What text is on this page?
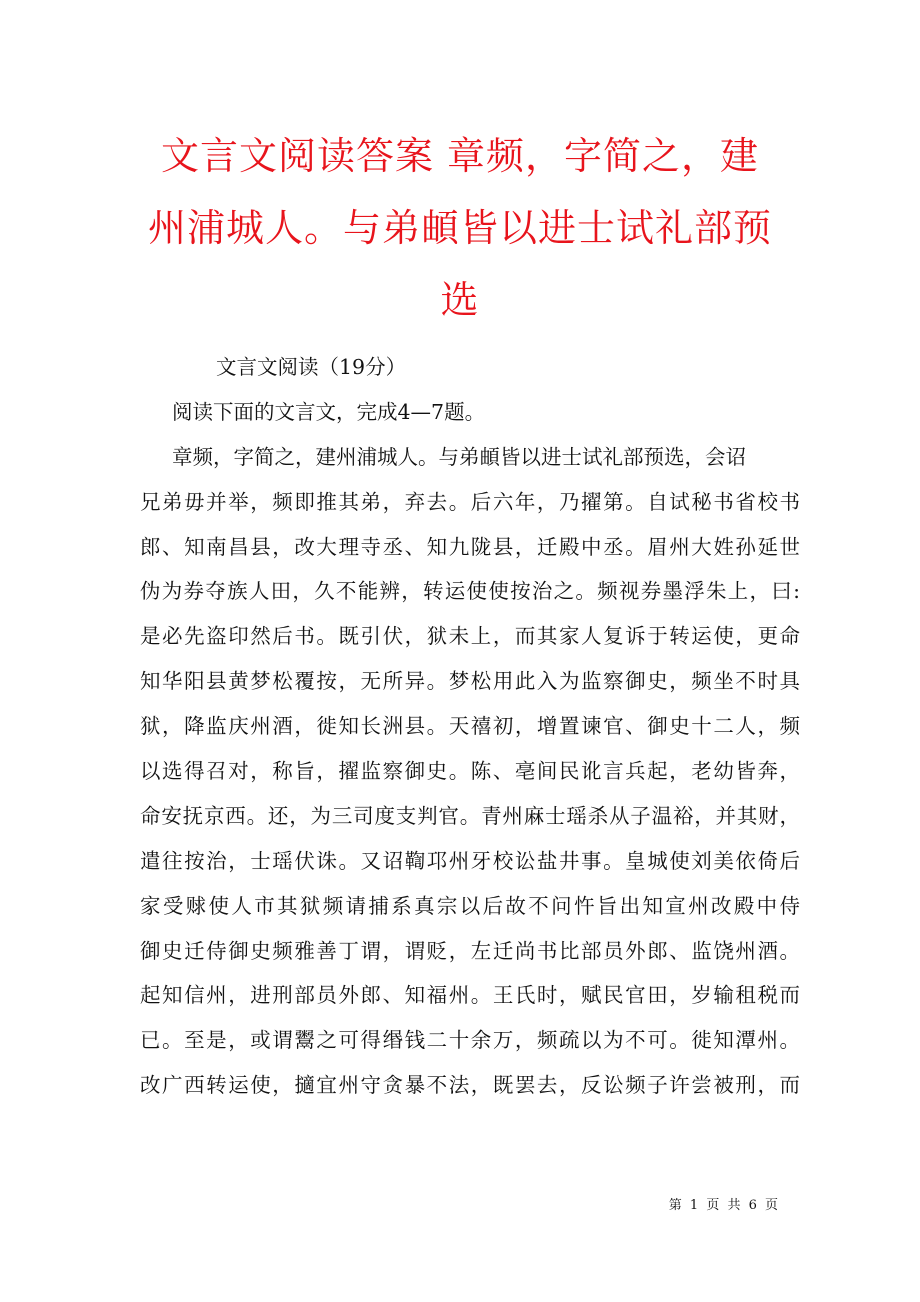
文言文阅读答案 章频，字简之，建
州浦城人。与弟頔皆以进士试礼部预
选
文言文阅读（19分）
阅读下面的文言文，完成4—7题。
章频，字简之，建州浦城人。与弟頔皆以进士试礼部预选，会诏
兄弟毋并举，频即推其弟，弃去。后六年，乃擢第。自试秘书省校书
郎、知南昌县，改大理寺丞、知九陇县，迁殿中丞。眉州大姓孙延世
伪为券夺族人田，久不能辨，转运使使按治之。频视券墨浮朱上，曰:
是必先盗印然后书。既引伏，狱未上，而其家人复诉于转运使，更命
知华阳县黄梦松覆按，无所异。梦松用此入为监察御史，频坐不时具
狱，降监庆州酒，徙知长洲县。天禧初，增置谏官、御史十二人，频
以选得召对，称旨，擢监察御史。陈、亳间民讹言兵起，老幼皆奔，
命安抚京西。还，为三司度支判官。青州麻士瑶杀从子温裕，并其财，
遣往按治，士瑶伏诛。又诏鞫邛州牙校讼盐井事。皇城使刘美依倚后
家受赇使人市其狱频请捕系真宗以后故不问忤旨出知宣州改殿中侍
御史迁侍御史频雅善丁谓，谓贬，左迁尚书比部员外郎、监饶州酒。
起知信州，进刑部员外郎、知福州。王氏时，赋民官田，岁输租税而
已。至是，或谓鬻之可得缗钱二十余万，频疏以为不可。徙知潭州。
改广西转运使，擿宜州守贪暴不法，既罢去，反讼频子许尝被刑，而
第 1 页 共 6 页
